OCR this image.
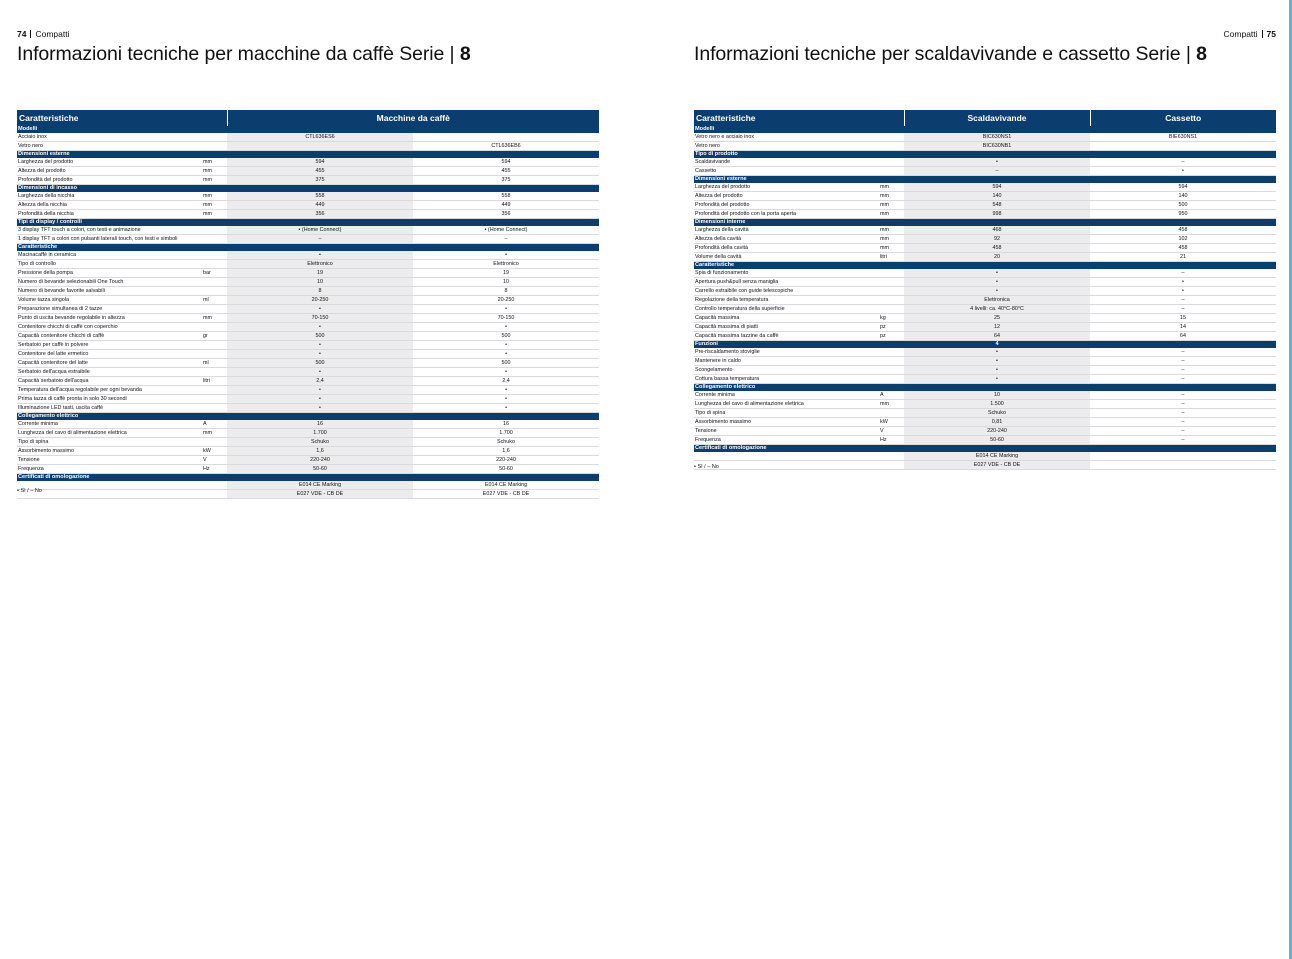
74 Compatti
Informazioni tecniche per macchine da caffè Serie | 8
Caratteristiche		Macchine da caffè	
Modelli			
Acciaio inox		CTL636ES6	
Vetro nero			CTL636EB6
Dimensioni esterne			
Larghezza del prodotto	mm	594	594
Altezza del prodotto	mm	455	455
Profondità del prodotto	mm	375	375
Dimensioni di incasso			
Larghezza della nicchia	mm	558	558
Altezza della nicchia	mm	449	449
Profondità della nicchia	mm	356	356
Tipi di display / controlli			
3 display TFT touch a colori, con testi e animazione		• (Home Connect)	• (Home Connect)
1 display TFT a colori con pulsanti laterali touch, con testi e simboli		–	–
Caratteristiche			
Macinacaffè in ceramica		•	•
Tipo di controllo		Elettronico	Elettronico
Pressione della pompa	bar	19	19
Numero di bevande selezionabili One Touch		10	10
Numero di bevande favorite salvabili		8	8
Volume tazza singola	ml	20-250	20-250
Preparazione simultanea di 2 tazze		•	•
Punto di uscita bevande regolabile in altezza	mm	70-150	70-150
Contenitore chicchi di caffè con coperchio		•	•
Capacità contenitore chicchi di caffè	gr	500	500
Serbatoio per caffè in polvere		•	•
Contenitore del latte ermetico		•	•
Capacità contenitore del latte	ml	500	500
Serbatoio dell'acqua estraibile		•	•
Capacità serbatoio dell'acqua	litri	2,4	2,4
Temperatura dell'acqua regolabile per ogni bevanda		•	•
Prima tazza di caffè pronta in solo 30 secondi		•	•
Illuminazione LED tasti, uscita caffè		•	•
Collegamento elettrico			
Corrente minima	A	16	16
Lunghezza del cavo di alimentazione elettrica	mm	1.700	1.700
Tipo di spina		Schuko	Schuko
Assorbimento massimo	kW	1,6	1,6
Tensione	V	220-240	220-240
Frequenza	Hz	50-60	50-60
Certificati di omologazione			
		E014 CE Marking	E014 CE Marking
		E027 VDE - CB DE	E027 VDE - CB DE
• Sì / – No
Compatti 75
Informazioni tecniche per scaldavivande e cassetto Serie | 8
Caratteristiche		Scaldavivande	Cassetto
Modelli			
Vetro nero e acciaio inox		BIC630NS1	BIE630NS1
Vetro nero		BIC630NB1	
Tipo di prodotto			
Scaldavivande		•	–
Cassetto		–	•
Dimensioni esterne			
Larghezza del prodotto	mm	594	594
Altezza del prodotto	mm	140	140
Profondità del prodotto	mm	548	500
Profondità del prodotto con la porta aperta	mm	998	950
Dimensioni interne			
Larghezza della cavità	mm	468	458
Altezza della cavità	mm	92	102
Profondità della cavità	mm	458	458
Volume della cavità	litri	20	21
Caratteristiche			
Spia di funzionamento		•	–
Apertura push&pull senza maniglia		•	•
Carrello estraibile con guide telescopiche		•	•
Regolazione della temperatura		Elettronica	–
Controllo temperatura della superficie		4 livelli: ca. 40°C-80°C	–
Capacità massima	kg	25	15
Capacità massima di piatti	pz	12	14
Capacità massima tazzine da caffè	pz	64	64
Funzioni		4	
Pre-riscaldamento stoviglie		•	–
Mantenere in caldo		•	–
Scongelamento		•	–
Cottura bassa temperatura		•	–
Collegamento elettrico			
Corrente minima	A	10	–
Lunghezza del cavo di alimentazione elettrica	mm	1.500	–
Tipo di spina		Schuko	–
Assorbimento massimo	kW	0,81	–
Tensione	V	220-240	–
Frequenza	Hz	50-60	–
Certificati di omologazione			
		E014 CE Marking	
		E027 VDE - CB DE	
• Sì / – No
